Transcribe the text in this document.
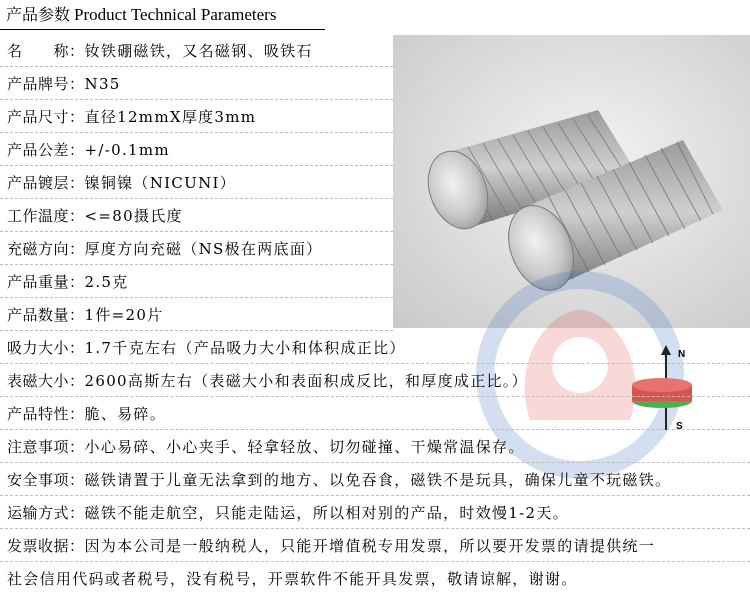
产品参数 Product Technical Parameters
N
S
名　　称：钕铁硼磁铁，又名磁钢、吸铁石
产品牌号：N35
产品尺寸：直径12mmX厚度3mm
产品公差：+/-0.1mm
产品镀层：镍铜镍（NICUNI）
工作温度：<=80摄氏度
充磁方向：厚度方向充磁（NS极在两底面）
产品重量：2.5克
产品数量：1件=20片
吸力大小：1.7千克左右（产品吸力大小和体积成正比）
表磁大小：2600高斯左右（表磁大小和表面积成反比，和厚度成正比。）
产品特性：脆、易碎。
注意事项：小心易碎、小心夹手、轻拿轻放、切勿碰撞、干燥常温保存。
安全事项：磁铁请置于儿童无法拿到的地方、以免吞食，磁铁不是玩具，确保儿童不玩磁铁。
运输方式：磁铁不能走航空，只能走陆运，所以相对别的产品，时效慢1-2天。
发票收据：因为本公司是一般纳税人，只能开增值税专用发票，所以要开发票的请提供统一
社会信用代码或者税号，没有税号，开票软件不能开具发票，敬请谅解，谢谢。
